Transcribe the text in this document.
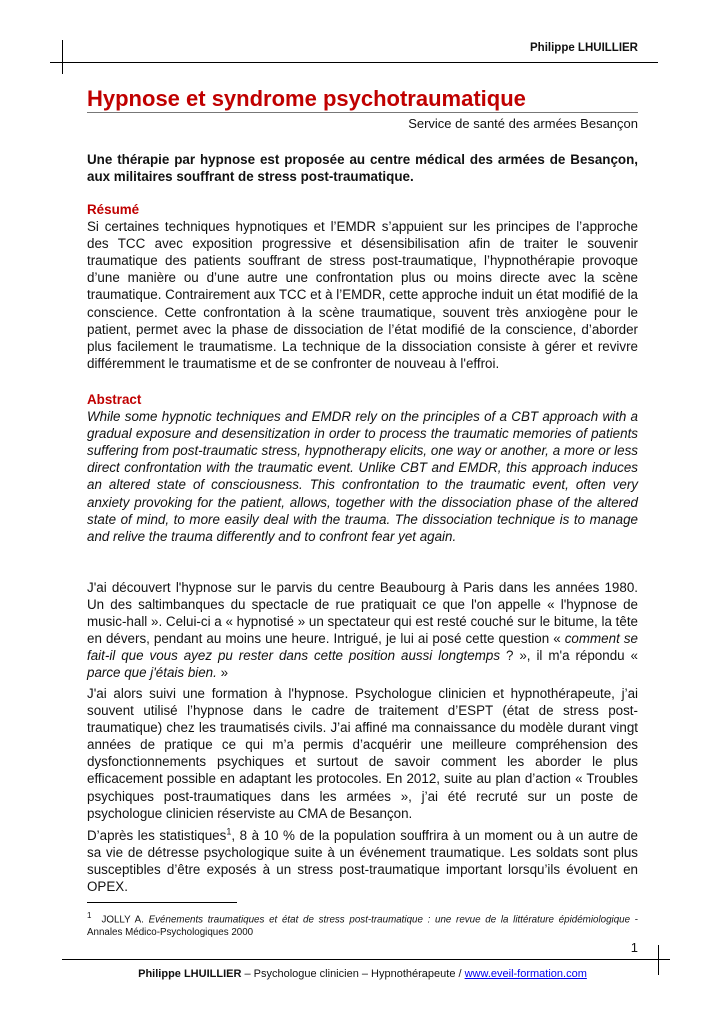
Philippe LHUILLIER
Hypnose et syndrome psychotraumatique
Service de santé des armées Besançon

Une thérapie par hypnose est proposée au centre médical des armées de Besançon, aux militaires souffrant de stress post-traumatique.

Résumé
Si certaines techniques hypnotiques et l’EMDR s’appuient sur les principes de l’approche des TCC avec exposition progressive et désensibilisation afin de traiter le souvenir traumatique des patients souffrant de stress post-traumatique, l’hypnothérapie provoque d’une manière ou d’une autre une confrontation plus ou moins directe avec la scène traumatique. Contrairement aux TCC et à l’EMDR, cette approche induit un état modifié de la conscience. Cette confrontation à la scène traumatique, souvent très anxiogène pour le patient, permet avec la phase de dissociation de l’état modifié de la conscience, d’aborder plus facilement le traumatisme. La technique de la dissociation consiste à gérer et revivre différemment le traumatisme et de se confronter de nouveau à l'effroi.
Abstract
While some hypnotic techniques and EMDR rely on the principles of a CBT approach with a gradual exposure and desensitization in order to process the traumatic memories of patients suffering from post-traumatic stress, hypnotherapy elicits, one way or another, a more or less direct confrontation with the traumatic event. Unlike CBT and EMDR, this approach induces an altered state of consciousness. This confrontation to the traumatic event, often very anxiety provoking for the patient, allows, together with the dissociation phase of the altered state of mind, to more easily deal with the trauma. The dissociation technique is to manage and relive the trauma differently and to confront fear yet again.

J'ai découvert l'hypnose sur le parvis du centre Beaubourg à Paris dans les années 1980. Un des saltimbanques du spectacle de rue pratiquait ce que l'on appelle « l'hypnose de music-hall ». Celui-ci a « hypnotisé » un spectateur qui est resté couché sur le bitume, la tête en dévers, pendant au moins une heure. Intrigué, je lui ai posé cette question « comment se fait-il que vous ayez pu rester dans cette position aussi longtemps ? », il m'a répondu « parce que j'étais bien. »

J'ai alors suivi une formation à l'hypnose. Psychologue clinicien et hypnothérapeute, j’ai souvent utilisé l’hypnose dans le cadre de traitement d’ESPT (état de stress post-traumatique) chez les traumatisés civils. J’ai affiné ma connaissance du modèle durant vingt années de pratique ce qui m’a permis d’acquérir une meilleure compréhension des dysfonctionnements psychiques et surtout de savoir comment les aborder le plus efficacement possible en adaptant les protocoles. En 2012, suite au plan d’action « Troubles psychiques post-traumatiques dans les armées », j’ai été recruté sur un poste de psychologue clinicien réserviste au CMA de Besançon.

D’après les statistiques$^1$, 8 à 10 % de la population souffrira à un moment ou à un autre de sa vie de détresse psychologique suite à un événement traumatique. Les soldats sont plus susceptibles d’être exposés à un stress post-traumatique important lorsqu’ils évoluent en OPEX.

$^1$ JOLLY A. Evénements traumatiques et état de stress post-traumatique : une revue de la littérature épidémiologique - Annales Médico-Psychologiques 2000
1
Philippe LHUILLIER – Psychologue clinicien – Hypnothérapeute / www.eveil-formation.com
